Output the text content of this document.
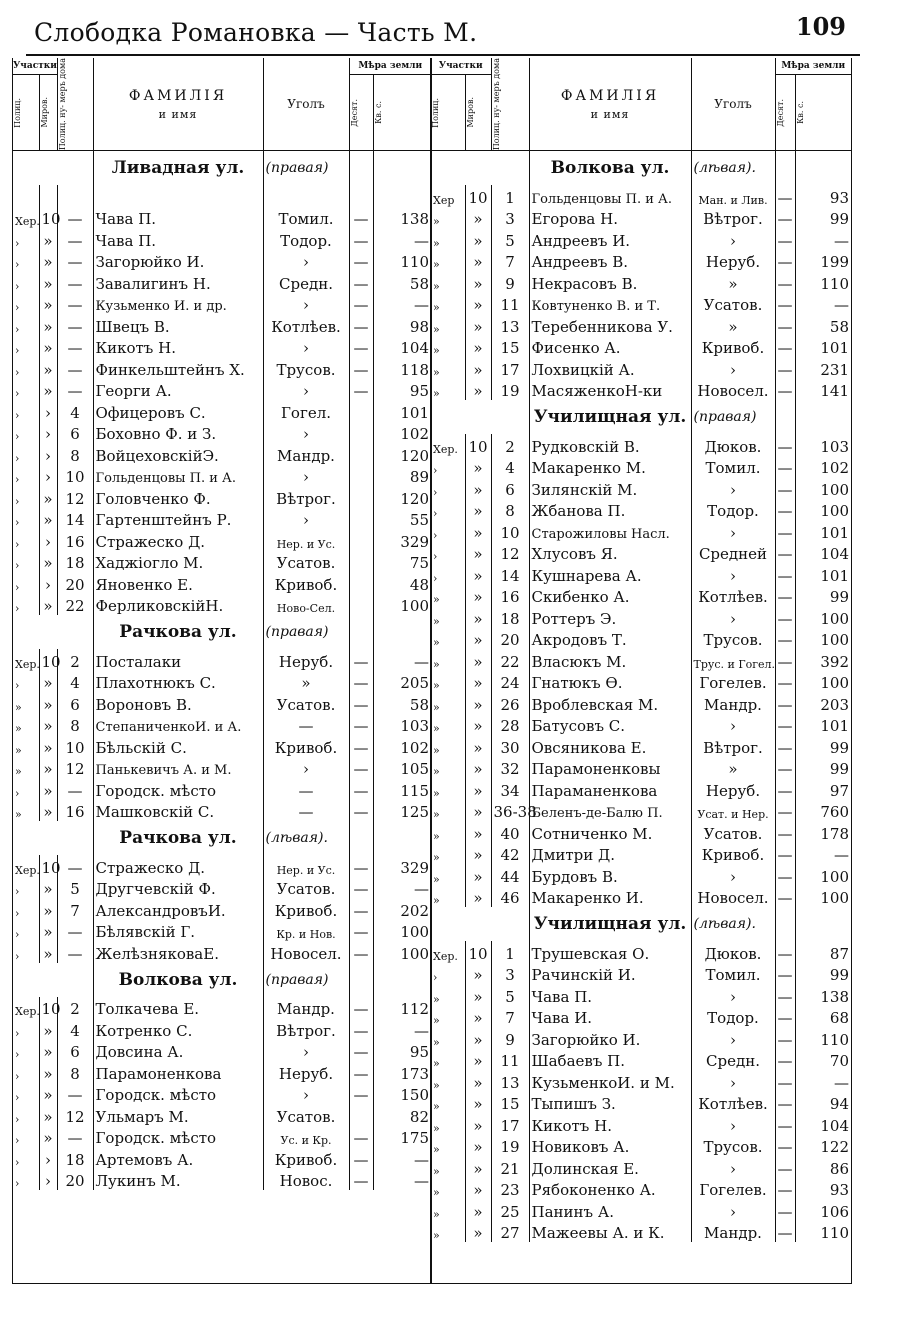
Слободка Романовка — Часть М.	109
Участки		Полиц. ну- меръ дома	ФАМИЛІЯ
и имя	Уголъ	Мѣра земли	

Полиц.	Миров.				Десят.	Кв. с.

			Ливадная ул.	(правая)		

Хер.	10	—	Чава П.	Томил.	—	138
›	»	—	Чава П.	Тодор.	—	—
›	»	—	Загорюйко И.	›	—	110
›	»	—	Завалигинъ Н.	Средн.	—	58
›	»	—	Кузьменко И. и др.	›	—	—
›	»	—	Швецъ В.	Котлѣев.	—	98
›	»	—	Кикотъ Н.	›	—	104
›	»	—	Финкельштейнъ Х.	Трусов.	—	118
›	»	—	Георги А.	›	—	95
›	›	4	Офицеровъ С.	Гогел.		101
›	›	6	Боховно Ф. и З.	›		102
›	›	8	ВойцеховскійЭ.	Мандр.		120
›	›	10	Гольденцовы П. и А.	›		89
›	»	12	Головченко Ф.	Вѣтрог.		120
›	»	14	Гартенштейнъ Р.	›		55
›	›	16	Стражеско Д.	Нер. и Ус.		329
›	»	18	Хаджіогло М.	Усатов.		75
›	›	20	Яновенко Е.	Кривоб.		48
›	»	22	ФерликовскійН.	Ново-Сел.		100
			Рачкова ул.	(правая)		
Хер.	10	2	Посталаки	Неруб.	—	—
›	»	4	Плахотнюкъ С.	»	—	205
»	»	6	Вороновъ В.	Усатов.	—	58
»	»	8	СтепаниченкоИ. и А.	—	—	103
»	»	10	Бѣльскій С.	Кривоб.	—	102
»	»	12	Панькевичъ А. и М.	›	—	105
›	»	—	Городск. мѣсто	—	—	115
»	»	16	Машковскій С.	—	—	125
			Рачкова ул.	(лѣвая).		
Хер.	10	—	Стражеско Д.	Нер. и Ус.	—	329
›	»	5	Другчевскій Ф.	Усатов.	—	—
›	»	7	АлександровъИ.	Кривоб.	—	202
›	»	—	Бѣлявскій Г.	Кр. и Нов.	—	100
›	»	—	ЖелѣзняковаЕ.	Новосел.	—	100
			Волкова ул.	(правая)		
Хер.	10	2	Толкачева Е.	Мандр.	—	112
›	»	4	Котренко С.	Вѣтрог.	—	—
›	»	6	Довсина А.	›	—	95
›	»	8	Парамоненкова	Неруб.	—	173
›	»	—	Городск. мѣсто	›	—	150
›	»	12	Ульмаръ М.	Усатов.		82
›	»	—	Городск. мѣсто	Ус. и Кр.	—	175
›	›	18	Артемовъ А.	Кривоб.	—	—
›	›	20	Лукинъ М.	Новос.	—	—
Участки		Полиц. ну- меръ дома	ФАМИЛІЯ
и имя	Уголъ	Мѣра земли	

Полиц.	Миров.				Десят.	Кв. с.

			Волкова ул.	(лѣвая).		
Хер	10	1	Гольденцовы П. и А.	Ман. и Лив.	—	93
»	»	3	Егорова Н.	Вѣтрог.	—	99
»	»	5	Андреевъ И.	›	—	—
»	»	7	Андреевъ В.	Неруб.	—	199
»	»	9	Некрасовъ В.	»	—	110
»	»	11	Ковтуненко В. и Т.	Усатов.	—	—
»	»	13	Теребенникова У.	»	—	58
»	»	15	Фисенко А.	Кривоб.	—	101
»	»	17	Лохвицкій А.	›	—	231
»	»	19	МасяженкоН-ки	Новосел.	—	141
			Училищная ул.	(правая)		
Хер.	10	2	Рудковскій В.	Дюков.	—	103
›	»	4	Макаренко М.	Томил.	—	102
›	»	6	Зилянскій М.	›	—	100
›	»	8	Жбанова П.	Тодор.	—	100
›	»	10	Старожиловы Насл.	›	—	101
›	»	12	Хлусовъ Я.	Средней	—	104
›	»	14	Кушнарева А.	›	—	101
»	»	16	Скибенко А.	Котлѣев.	—	99
»	»	18	Роттеръ Э.	›	—	100
»	»	20	Акродовъ Т.	Трусов.	—	100
»	»	22	Власюкъ М.	Трус. и Гогел.	—	392
»	»	24	Гнатюкъ Ѳ.	Гогелев.	—	100
»	»	26	Вроблевская М.	Мандр.	—	203
»	»	28	Батусовъ С.	›	—	101
»	»	30	Овсяникова Е.	Вѣтрог.	—	99
»	»	32	Парамоненковы	»	—	99
»	»	34	Параманенкова	Неруб.	—	97
»	»	36-38	Беленъ-де-Балю П.	Усат. и Нер.	—	760
»	»	40	Сотниченко М.	Усатов.	—	178
»	»	42	Дмитри Д.	Кривоб.	—	—
»	»	44	Бурдовъ В.	›	—	100
»	»	46	Макаренко И.	Новосел.	—	100
			Училищная ул.	(лѣвая).		
Хер.	10	1	Трушевская О.	Дюков.	—	87
›	»	3	Рачинскій И.	Томил.	—	99
»	»	5	Чава П.	›	—	138
»	»	7	Чава И.	Тодор.	—	68
»	»	9	Загорюйко И.	›	—	110
»	»	11	Шабаевъ П.	Средн.	—	70
»	»	13	КузьменкоИ. и М.	›	—	—
»	»	15	Тыпишъ З.	Котлѣев.	—	94
»	»	17	Кикотъ Н.	›	—	104
»	»	19	Новиковъ А.	Трусов.	—	122
»	»	21	Долинская Е.	›	—	86
»	»	23	Рябоконенко А.	Гогелев.	—	93
»	»	25	Панинъ А.	›	—	106
»	»	27	Мажеевы А. и К.	Мандр.	—	110
